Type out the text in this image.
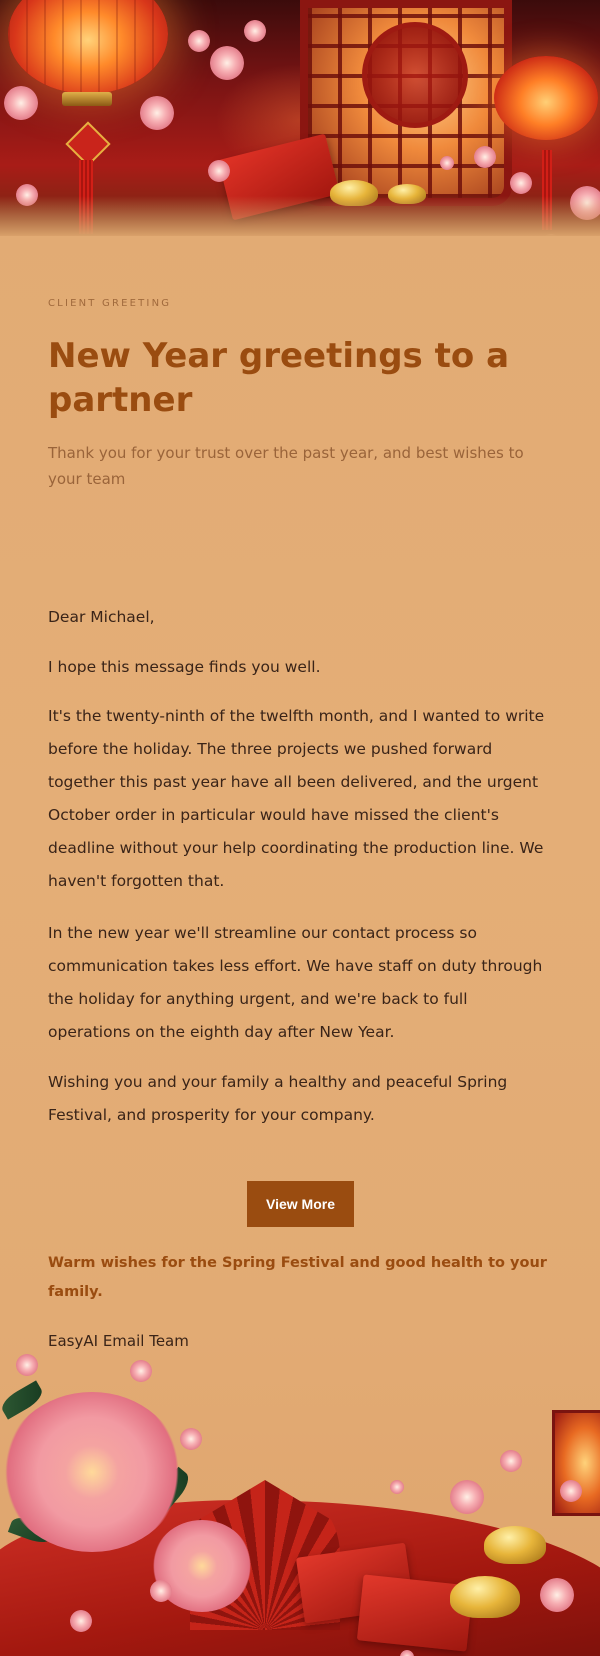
CLIENT GREETING
New Year greetings to a partner

Thank you for your trust over the past year, and best wishes to your team

Dear Michael,

I hope this message finds you well.

It's the twenty-ninth of the twelfth month, and I wanted to write before the holiday. The three projects we pushed forward together this past year have all been delivered, and the urgent October order in particular would have missed the client's deadline without your help coordinating the production line. We haven't forgotten that.

In the new year we'll streamline our contact process so communication takes less effort. We have staff on duty through the holiday for anything urgent, and we're back to full operations on the eighth day after New Year.

Wishing you and your family a healthy and peaceful Spring Festival, and prosperity for your company.

Warm wishes for the Spring Festival and good health to your family.

EasyAI Email Team

View More
